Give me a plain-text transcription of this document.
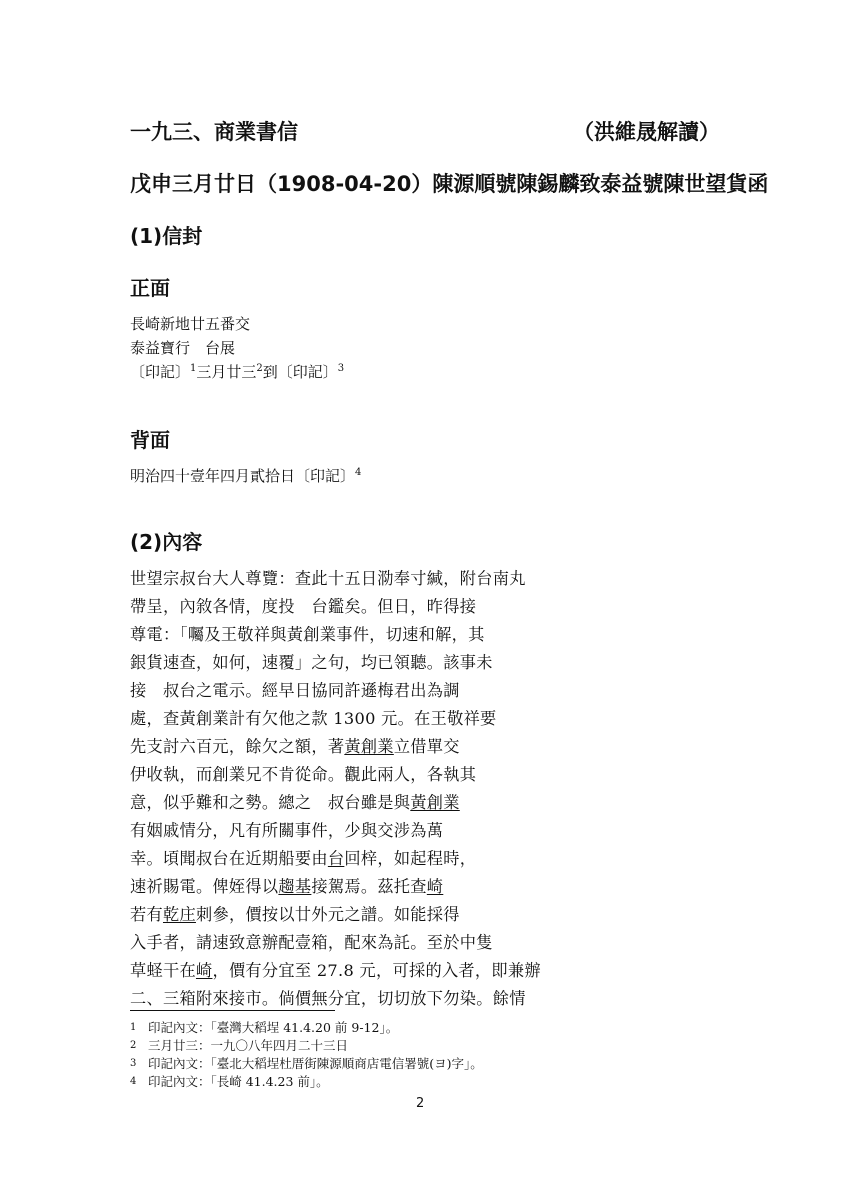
一九三、商業書信	（洪維晟解讀）
戊申三月廿日（1908-04-20）陳源順號陳錫麟致泰益號陳世望貨函
(1)信封
正面
長崎新地廿五番交
泰益寶行　台展
〔印記〕$^1$三月廿三$^2$到〔印記〕$^3$
背面
明治四十壹年四月貳拾日〔印記〕$^4$
(2)內容
世望宗叔台大人尊覽：查此十五日泐奉寸緘，附台南丸
帶呈，內敘各情，度投　台鑑矣。但日，昨得接
尊電：「囑及王敬祥與黃創業事件，切速和解，其
銀貨速查，如何，速覆」之句，均已領聽。該事未
接　叔台之電示。經早日協同許遜梅君出為調
處，查黃創業計有欠他之款 1300 元。在王敬祥要
先支討六百元，餘欠之額，著黃創業立借單交
伊收執，而創業兄不肯從命。觀此兩人，各執其
意，似乎難和之勢。總之　叔台雖是與黃創業
有姻戚情分，凡有所關事件，少與交涉為萬
幸。頃聞叔台在近期船要由台回梓，如起程時，
速祈賜電。俾姪得以趨基接駕焉。茲托查崎
若有乾庄刺參，價按以廿外元之譜。如能採得
入手者，請速致意辦配壹箱，配來為託。至於中隻
草蛏干在崎，價有分宜至 27.8 元，可採的入者，即兼辦
二、三箱附來接市。倘價無分宜，切切放下勿染。餘情
1 印記內文：「臺灣大稻埕 41.4.20 前 9-12」。
2 三月廿三：一九〇八年四月二十三日
3 印記內文：「臺北大稻埕杜厝街陳源順商店電信署號(ヨ)字」。
4 印記內文：「長崎 41.4.23 前」。
2
